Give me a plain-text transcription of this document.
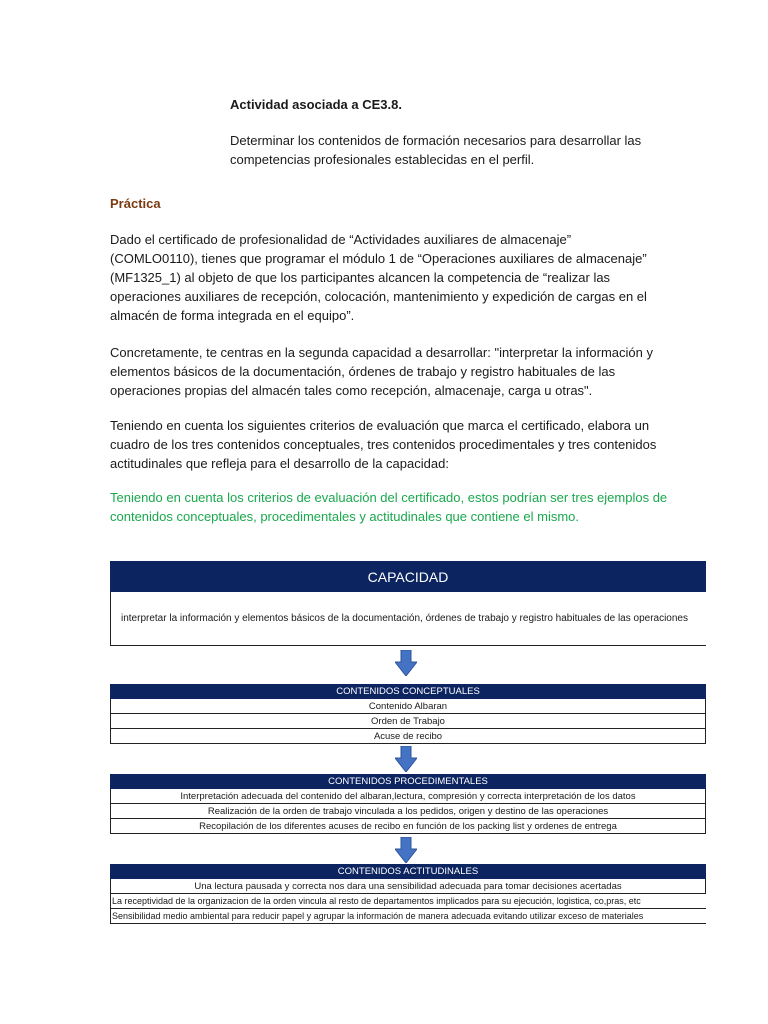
Actividad asociada a CE3.8.
Determinar los contenidos de formación necesarios para desarrollar las competencias profesionales establecidas en el perfil.
Práctica
Dado el certificado de profesionalidad de “Actividades auxiliares de almacenaje” (COMLO0110), tienes que programar el módulo 1 de “Operaciones auxiliares de almacenaje” (MF1325_1) al objeto de que los participantes alcancen la competencia de “realizar las operaciones auxiliares de recepción, colocación, mantenimiento y expedición de cargas en el almacén de forma integrada en el equipo”.
Concretamente, te centras en la segunda capacidad a desarrollar: "interpretar la información y elementos básicos de la documentación, órdenes de trabajo y registro habituales de las operaciones propias del almacén tales como recepción, almacenaje, carga u otras".
Teniendo en cuenta los siguientes criterios de evaluación que marca el certificado, elabora un cuadro de los tres contenidos conceptuales, tres contenidos procedimentales y tres contenidos actitudinales que refleja para el desarrollo de la capacidad:
Teniendo en cuenta los criterios de evaluación del certificado, estos podrían ser tres ejemplos de contenidos conceptuales, procedimentales y actitudinales que contiene el mismo.
CAPACIDAD
interpretar la información y elementos básicos de la documentación, órdenes de trabajo y registro habituales de las operaciones
CONTENIDOS CONCEPTUALES
Contenido Albaran
Orden de Trabajo
Acuse de recibo
CONTENIDOS PROCEDIMENTALES
Interpretación adecuada del contenido del albaran,lectura, compresión y correcta interpretación de los datos
Realización de la orden de trabajo vinculada a los pedidos, origen y destino de las operaciones
Recopilación de los diferentes acuses de recibo en función de los packing list y ordenes de entrega
CONTENIDOS ACTITUDINALES
Una lectura pausada y correcta nos dara una sensibilidad adecuada para tomar decisiones acertadas
La receptividad de la organizacion de la orden vincula al resto de departamentos implicados para su ejecución, logistica, co,pras, etc
Sensibilidad medio ambiental para reducir papel y agrupar la información de manera adecuada evitando utilizar exceso de materiales
